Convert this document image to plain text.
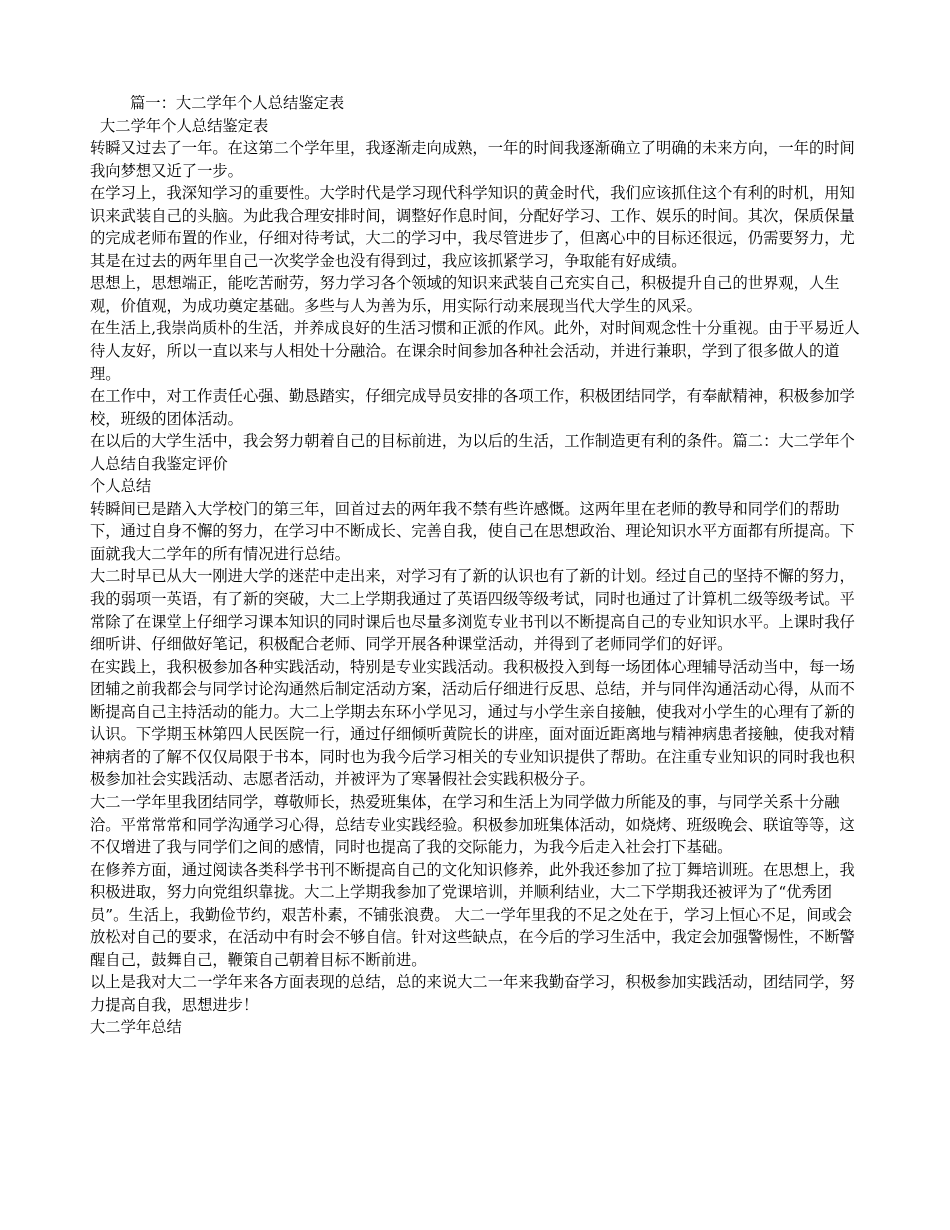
篇一：大二学年个人总结鉴定表
大二学年个人总结鉴定表
转瞬又过去了一年。在这第二个学年里，我逐渐走向成熟，一年的时间我逐渐确立了明确的未来方向，一年的时间我向梦想又近了一步。
在学习上，我深知学习的重要性。大学时代是学习现代科学知识的黄金时代，我们应该抓住这个有利的时机，用知识来武装自己的头脑。为此我合理安排时间，调整好作息时间，分配好学习、工作、娱乐的时间。其次，保质保量的完成老师布置的作业，仔细对待考试，大二的学习中，我尽管进步了，但离心中的目标还很远，仍需要努力，尤其是在过去的两年里自己一次奖学金也没有得到过，我应该抓紧学习，争取能有好成绩。
思想上，思想端正，能吃苦耐劳，努力学习各个领域的知识来武装自己充实自己，积极提升自己的世界观，人生观，价值观，为成功奠定基础。多些与人为善为乐，用实际行动来展现当代大学生的风采。
在生活上,我崇尚质朴的生活，并养成良好的生活习惯和正派的作风。此外，对时间观念性十分重视。由于平易近人待人友好，所以一直以来与人相处十分融洽。在课余时间参加各种社会活动，并进行兼职，学到了很多做人的道理。
在工作中，对工作责任心强、勤恳踏实，仔细完成导员安排的各项工作，积极团结同学，有奉献精神，积极参加学校，班级的团体活动。
在以后的大学生活中，我会努力朝着自己的目标前进，为以后的生活，工作制造更有利的条件。篇二：大二学年个人总结自我鉴定评价
个人总结
转瞬间已是踏入大学校门的第三年，回首过去的两年我不禁有些许感慨。这两年里在老师的教导和同学们的帮助下，通过自身不懈的努力，在学习中不断成长、完善自我，使自己在思想政治、理论知识水平方面都有所提高。下面就我大二学年的所有情况进行总结。
大二时早已从大一刚进大学的迷茫中走出来，对学习有了新的认识也有了新的计划。经过自己的坚持不懈的努力，我的弱项一英语，有了新的突破，大二上学期我通过了英语四级等级考试，同时也通过了计算机二级等级考试。平常除了在课堂上仔细学习课本知识的同时课后也尽量多浏览专业书刊以不断提高自己的专业知识水平。上课时我仔细听讲、仔细做好笔记，积极配合老师、同学开展各种课堂活动，并得到了老师同学们的好评。
在实践上，我积极参加各种实践活动，特别是专业实践活动。我积极投入到每一场团体心理辅导活动当中，每一场团辅之前我都会与同学讨论沟通然后制定活动方案，活动后仔细进行反思、总结，并与同伴沟通活动心得，从而不断提高自己主持活动的能力。大二上学期去东环小学见习，通过与小学生亲自接触，使我对小学生的心理有了新的认识。下学期玉林第四人民医院一行，通过仔细倾听黄院长的讲座，面对面近距离地与精神病患者接触，使我对精神病者的了解不仅仅局限于书本，同时也为我今后学习相关的专业知识提供了帮助。在注重专业知识的同时我也积极参加社会实践活动、志愿者活动，并被评为了寒暑假社会实践积极分子。
大二一学年里我团结同学，尊敬师长，热爱班集体，在学习和生活上为同学做力所能及的事，与同学关系十分融洽。平常常常和同学沟通学习心得，总结专业实践经验。积极参加班集体活动，如烧烤、班级晚会、联谊等等，这不仅增进了我与同学们之间的感情，同时也提高了我的交际能力，为我今后走入社会打下基础。
在修养方面，通过阅读各类科学书刊不断提高自己的文化知识修养，此外我还参加了拉丁舞培训班。在思想上，我积极进取，努力向党组织靠拢。大二上学期我参加了党课培训，并顺利结业，大二下学期我还被评为了“优秀团员”。生活上，我勤俭节约，艰苦朴素，不铺张浪费。 大二一学年里我的不足之处在于，学习上恒心不足，间或会放松对自己的要求，在活动中有时会不够自信。针对这些缺点，在今后的学习生活中，我定会加强警惕性，不断警醒自己，鼓舞自己，鞭策自己朝着目标不断前进。
以上是我对大二一学年来各方面表现的总结，总的来说大二一年来我勤奋学习，积极参加实践活动，团结同学，努力提高自我，思想进步！
大二学年总结
